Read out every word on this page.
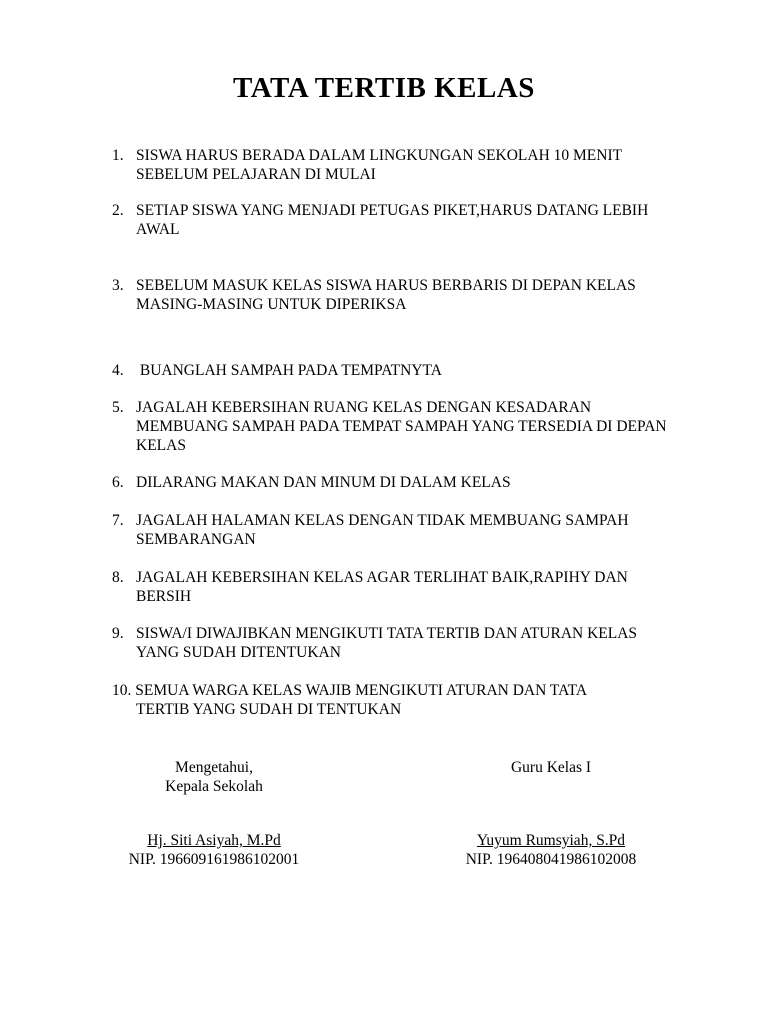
TATA TERTIB KELAS
1. SISWA HARUS BERADA DALAM LINGKUNGAN SEKOLAH 10 MENIT SEBELUM PELAJARAN DI MULAI
2. SETIAP SISWA YANG MENJADI PETUGAS PIKET,HARUS DATANG LEBIH AWAL
3. SEBELUM MASUK KELAS SISWA HARUS BERBARIS DI DEPAN KELAS MASING-MASING UNTUK DIPERIKSA
4. BUANGLAH SAMPAH PADA TEMPATNYTA
5. JAGALAH KEBERSIHAN RUANG KELAS DENGAN KESADARAN MEMBUANG SAMPAH PADA TEMPAT SAMPAH YANG TERSEDIA DI DEPAN KELAS
6. DILARANG MAKAN DAN MINUM DI DALAM KELAS
7. JAGALAH HALAMAN KELAS DENGAN TIDAK MEMBUANG SAMPAH SEMBARANGAN
8. JAGALAH KEBERSIHAN KELAS AGAR TERLIHAT BAIK,RAPIHY DAN BERSIH
9. SISWA/I DIWAJIBKAN MENGIKUTI TATA TERTIB DAN ATURAN KELAS YANG SUDAH DITENTUKAN
10. SEMUA WARGA KELAS WAJIB MENGIKUTI ATURAN DAN TATA
TERTIB YANG SUDAH DI TENTUKAN
Mengetahui,
Kepala Sekolah
Hj. Siti Asiyah, M.Pd
NIP. 196609161986102001
Guru Kelas I
Yuyum Rumsyiah, S.Pd
NIP. 196408041986102008
